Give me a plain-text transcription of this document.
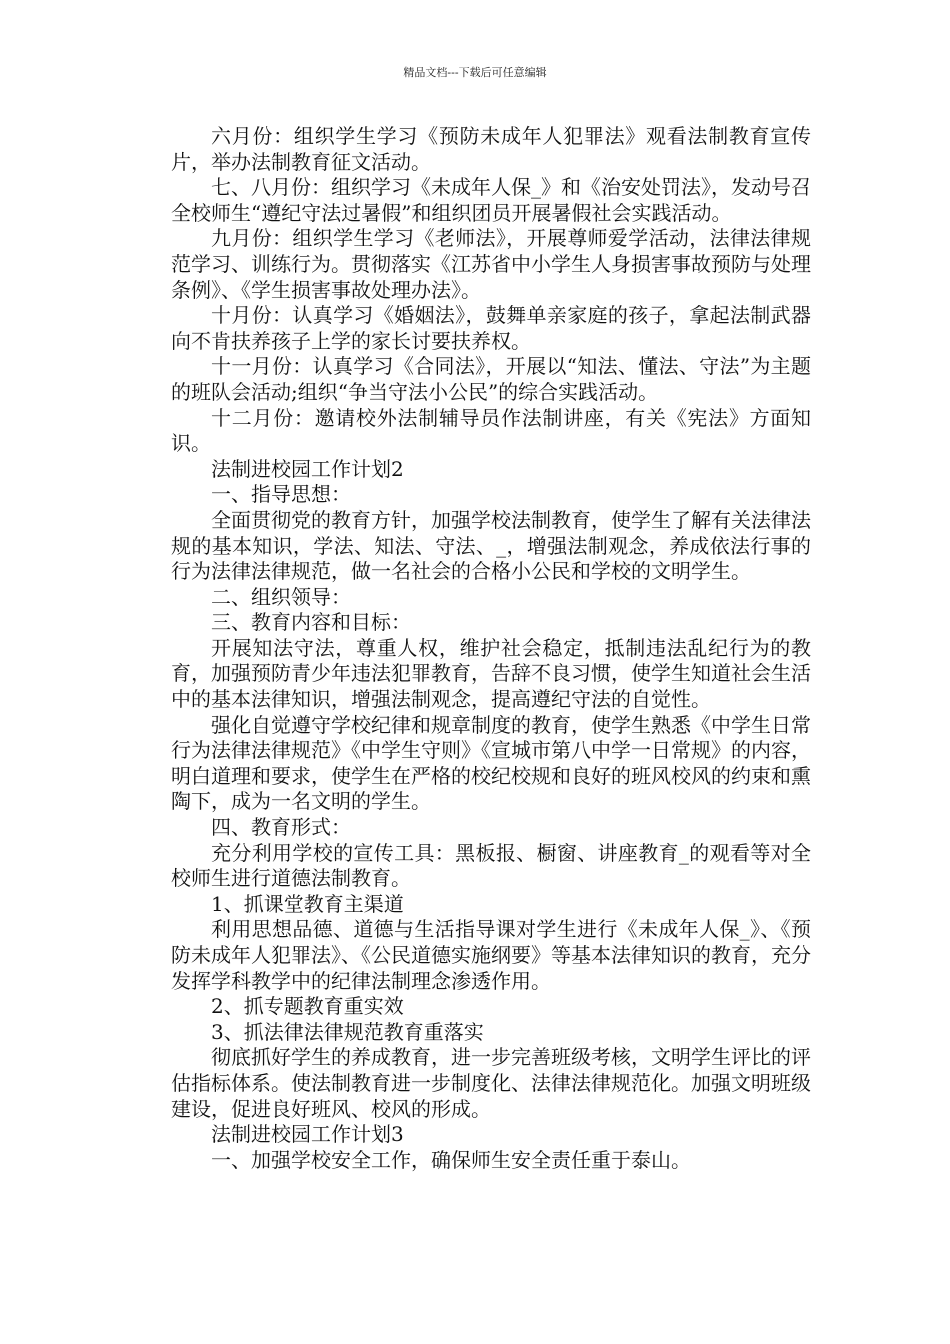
精品文档---下载后可任意编辑

六月份：组织学生学习《预防未成年人犯罪法》观看法制教育宣传片，举办法制教育征文活动。

七、八月份：组织学习《未成年人保_》和《治安处罚法》，发动号召全校师生“遵纪守法过暑假”和组织团员开展暑假社会实践活动。

九月份：组织学生学习《老师法》，开展尊师爱学活动，法律法律规范学习、训练行为。贯彻落实《江苏省中小学生人身损害事故预防与处理条例》、《学生损害事故处理办法》。

十月份：认真学习《婚姻法》，鼓舞单亲家庭的孩子，拿起法制武器向不肯扶养孩子上学的家长讨要扶养权。

十一月份：认真学习《合同法》，开展以“知法、懂法、守法”为主题的班队会活动;组织“争当守法小公民”的综合实践活动。

十二月份：邀请校外法制辅导员作法制讲座，有关《宪法》方面知识。

法制进校园工作计划2

一、指导思想：

全面贯彻党的教育方针，加强学校法制教育，使学生了解有关法律法规的基本知识，学法、知法、守法、_，增强法制观念，养成依法行事的行为法律法律规范，做一名社会的合格小公民和学校的文明学生。

二、组织领导：

三、教育内容和目标：

开展知法守法，尊重人权，维护社会稳定，抵制违法乱纪行为的教育，加强预防青少年违法犯罪教育，告辞不良习惯，使学生知道社会生活中的基本法律知识，增强法制观念，提高遵纪守法的自觉性。

强化自觉遵守学校纪律和规章制度的教育，使学生熟悉《中学生日常行为法律法律规范》《中学生守则》《宣城市第八中学一日常规》的内容，明白道理和要求，使学生在严格的校纪校规和良好的班风校风的约束和熏陶下，成为一名文明的学生。

四、教育形式：

充分利用学校的宣传工具：黑板报、橱窗、讲座教育_的观看等对全校师生进行道德法制教育。

1、抓课堂教育主渠道

利用思想品德、道德与生活指导课对学生进行《未成年人保_》、《预防未成年人犯罪法》、《公民道德实施纲要》等基本法律知识的教育，充分发挥学科教学中的纪律法制理念渗透作用。

2、抓专题教育重实效

3、抓法律法律规范教育重落实

彻底抓好学生的养成教育，进一步完善班级考核，文明学生评比的评估指标体系。使法制教育进一步制度化、法律法律规范化。加强文明班级建设，促进良好班风、校风的形成。

法制进校园工作计划3

一、加强学校安全工作，确保师生安全责任重于泰山。
